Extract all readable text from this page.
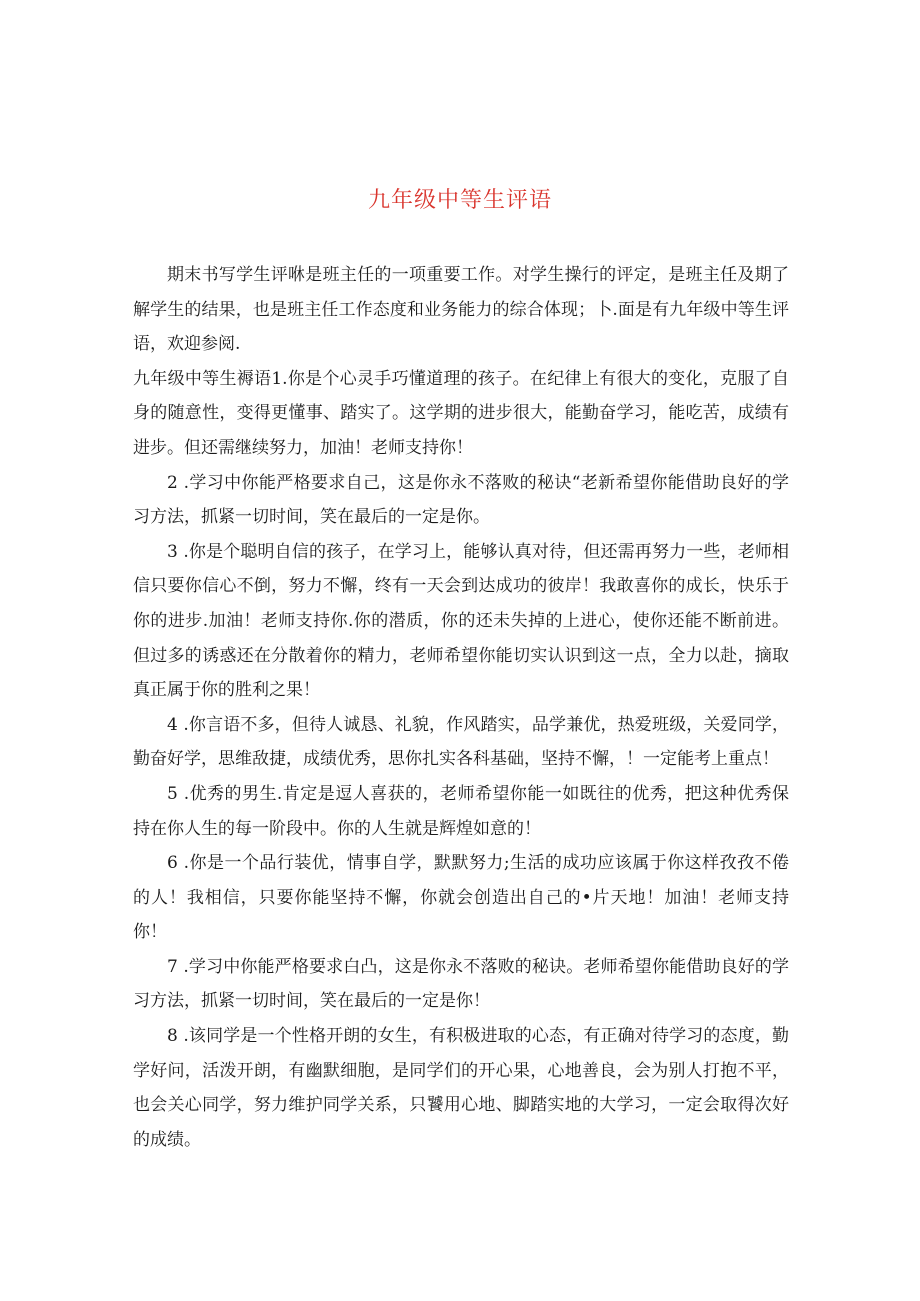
九年级中等生评语

期末书写学生评咻是班主任的一项重要工作。对学生操行的评定，是班主任及期了解学生的结果，也是班主任工作态度和业务能力的综合体现；卜.面是有九年级中等生评语，欢迎参阅.

九年级中等生褥语1.你是个心灵手巧懂道理的孩子。在纪律上有很大的变化，克服了自身的随意性，变得更懂事、踏实了。这学期的进步很大，能勤奋学习，能吃苦，成绩有进步。但还需继续努力，加油！老师支持你！

2 .学习中你能严格要求自己，这是你永不落败的秘诀“老新希望你能借助良好的学习方法，抓紧一切时间，笑在最后的一定是你。

3 .你是个聪明自信的孩子，在学习上，能够认真对待，但还需再努力一些，老师相信只要你信心不倒，努力不懈，终有一天会到达成功的彼岸！我敢喜你的成长，快乐于你的进步.加油！老师支持你.你的潜质，你的还未失掉的上进心，使你还能不断前进。但过多的诱惑还在分散着你的精力，老师希望你能切实认识到这一点，全力以赴，摘取真正属于你的胜利之果！

4 .你言语不多，但待人诚恳、礼貌，作风踏实，品学兼优，热爱班级，关爱同学，勤奋好学，思维敌捷，成绩优秀，思你扎实各科基础，坚持不懈，！一定能考上重点！

5 .优秀的男生.肯定是逗人喜获的，老师希望你能一如既往的优秀，把这种优秀保持在你人生的每一阶段中。你的人生就是辉煌如意的！

6 .你是一个品行装优，情事自学，默默努力;生活的成功应该属于你这样孜孜不倦的人！我相信，只要你能坚持不懈，你就会创造出自己的•片天地！加油！老师支持你！

7 .学习中你能严格要求白凸，这是你永不落败的秘诀。老师希望你能借助良好的学习方法，抓紧一切时间，笑在最后的一定是你！

8 .该同学是一个性格开朗的女生，有积极进取的心态，有正确对待学习的态度，勤学好问，活泼开朗，有幽默细胞，是同学们的开心果，心地善良，会为别人打抱不平，也会关心同学，努力维护同学关系，只饕用心地、脚踏实地的大学习，一定会取得次好的成绩。
